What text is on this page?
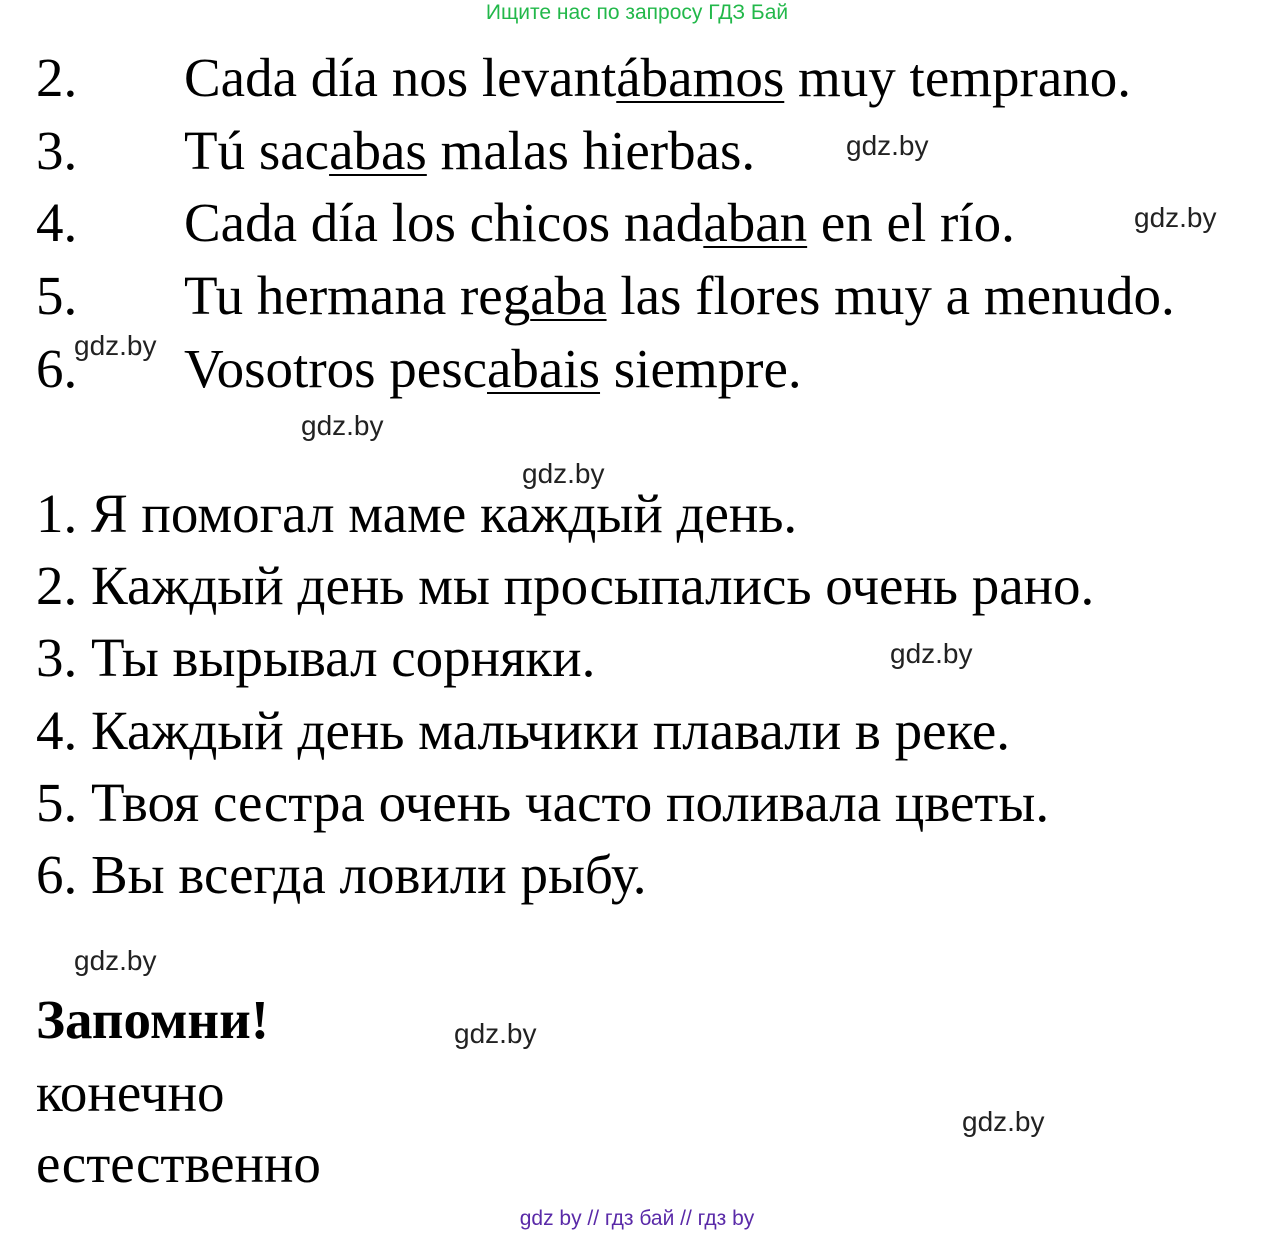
Ищите нас по запросу ГДЗ Бай
2. Cada día nos levantábamos muy temprano.
3. Tú sacabas malas hierbas.
4. Cada día los chicos nadaban en el río.
5. Tu hermana regaba las flores muy a menudo.
6. Vosotros pescabais siempre.
1. Я помогал маме каждый день.
2. Каждый день мы просыпались очень рано.
3. Ты вырывал сорняки.
4. Каждый день мальчики плавали в реке.
5. Твоя сестра очень часто поливала цветы.
6. Вы всегда ловили рыбу.
Запомни!
конечно
естественно
gdz.by
gdz.by
gdz.by
gdz.by
gdz.by
gdz.by
gdz.by
gdz.by
gdz.by
gdz by // гдз бай // гдз by
